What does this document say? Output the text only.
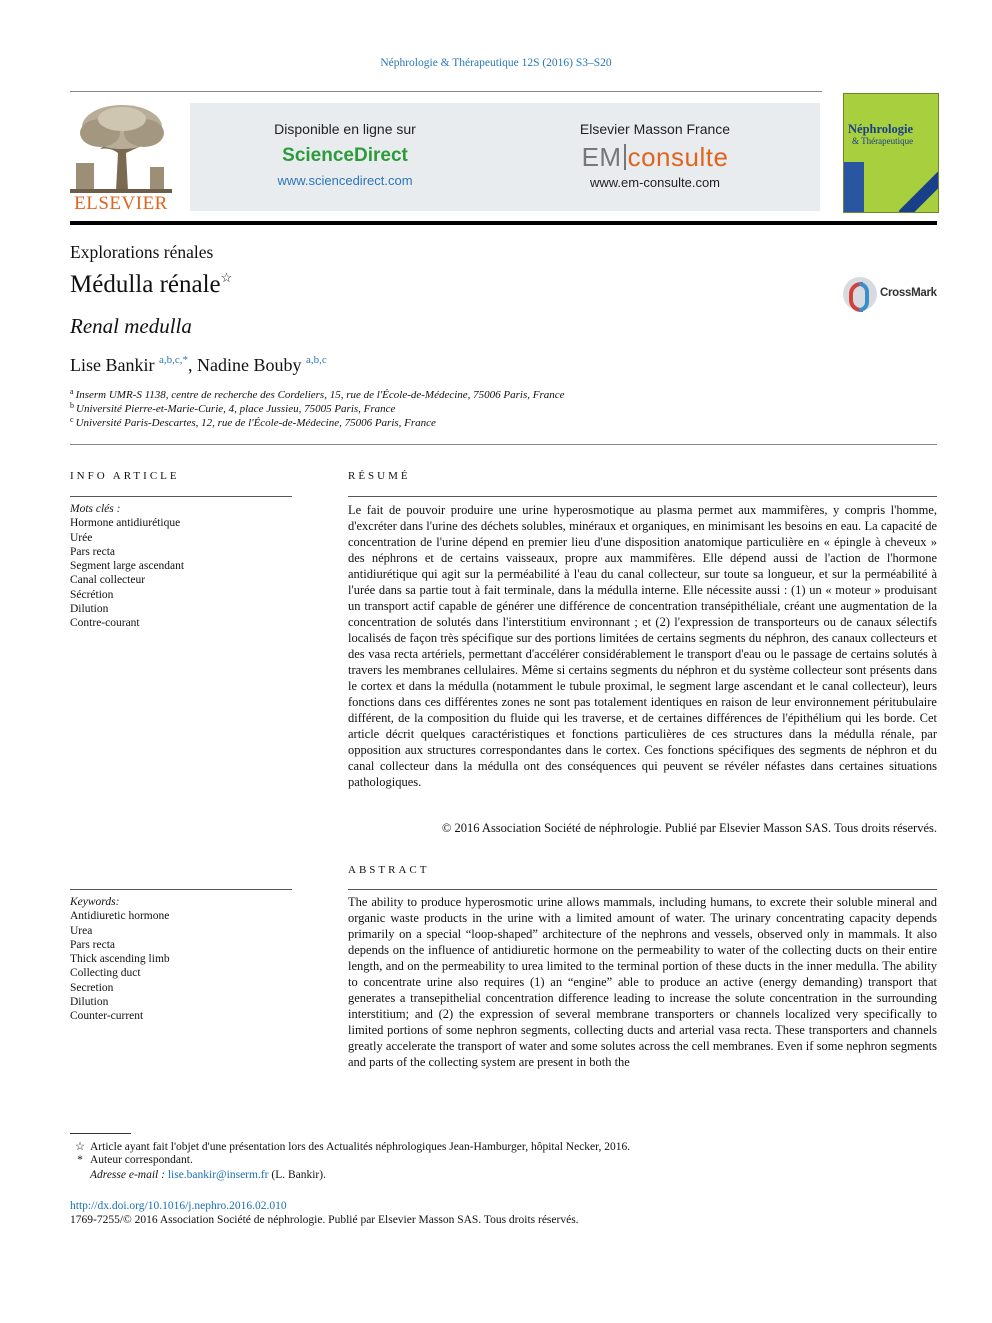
Néphrologie & Thérapeutique 12S (2016) S3–S20
ELSEVIER
Disponible en ligne sur
ScienceDirect
www.sciencedirect.com
Elsevier Masson France
EM consulte
www.em-consulte.com
Néphrologie
& Thérapeutique
Explorations rénales
Médulla rénale☆
CrossMark
Renal medulla
Lise Bankir $^{a,b,c,*}$, Nadine Bouby $^{a,b,c}$
$^a$ Inserm UMR-S 1138, centre de recherche des Cordeliers, 15, rue de l'École-de-Médecine, 75006 Paris, France
$^b$ Université Pierre-et-Marie-Curie, 4, place Jussieu, 75005 Paris, France
$^c$ Université Paris-Descartes, 12, rue de l'École-de-Médecine, 75006 Paris, France
INFO ARTICLE
Mots clés :
Hormone antidiurétique
Urée
Pars recta
Segment large ascendant
Canal collecteur
Sécrétion
Dilution
Contre-courant
Keywords:
Antidiuretic hormone
Urea
Pars recta
Thick ascending limb
Collecting duct
Secretion
Dilution
Counter-current
RÉSUMÉ
Le fait de pouvoir produire une urine hyperosmotique au plasma permet aux mammifères, y compris l'homme, d'excréter dans l'urine des déchets solubles, minéraux et organiques, en minimisant les besoins en eau. La capacité de concentration de l'urine dépend en premier lieu d'une disposition anatomique particulière en « épingle à cheveux » des néphrons et de certains vaisseaux, propre aux mammifères. Elle dépend aussi de l'action de l'hormone antidiurétique qui agit sur la perméabilité à l'eau du canal collecteur, sur toute sa longueur, et sur la perméabilité à l'urée dans sa partie tout à fait terminale, dans la médulla interne. Elle nécessite aussi : (1) un « moteur » produisant un transport actif capable de générer une différence de concentration transépithéliale, créant une augmentation de la concentration de solutés dans l'interstitium environnant ; et (2) l'expression de transporteurs ou de canaux sélectifs localisés de façon très spécifique sur des portions limitées de certains segments du néphron, des canaux collecteurs et des vasa recta artériels, permettant d'accélérer considérablement le transport d'eau ou le passage de certains solutés à travers les membranes cellulaires. Même si certains segments du néphron et du système collecteur sont présents dans le cortex et dans la médulla (notamment le tubule proximal, le segment large ascendant et le canal collecteur), leurs fonctions dans ces différentes zones ne sont pas totalement identiques en raison de leur environnement péritubulaire différent, de la composition du fluide qui les traverse, et de certaines différences de l'épithélium qui les borde. Cet article décrit quelques caractéristiques et fonctions particulières de ces structures dans la médulla rénale, par opposition aux structures correspondantes dans le cortex. Ces fonctions spécifiques des segments de néphron et du canal collecteur dans la médulla ont des conséquences qui peuvent se révéler néfastes dans certaines situations pathologiques.
© 2016 Association Société de néphrologie. Publié par Elsevier Masson SAS. Tous droits réservés.
ABSTRACT
The ability to produce hyperosmotic urine allows mammals, including humans, to excrete their soluble mineral and organic waste products in the urine with a limited amount of water. The urinary concentrating capacity depends primarily on a special “loop-shaped” architecture of the nephrons and vessels, observed only in mammals. It also depends on the influence of antidiuretic hormone on the permeability to water of the collecting ducts on their entire length, and on the permeability to urea limited to the terminal portion of these ducts in the inner medulla. The ability to concentrate urine also requires (1) an “engine” able to produce an active (energy demanding) transport that generates a transepithelial concentration difference leading to increase the solute concentration in the surrounding interstitium; and (2) the expression of several membrane transporters or channels localized very specifically to limited portions of some nephron segments, collecting ducts and arterial vasa recta. These transporters and channels greatly accelerate the transport of water and some solutes across the cell membranes. Even if some nephron segments and parts of the collecting system are present in both the
☆ Article ayant fait l'objet d'une présentation lors des Actualités néphrologiques Jean-Hamburger, hôpital Necker, 2016.
* Auteur correspondant.
Adresse e-mail : lise.bankir@inserm.fr (L. Bankir).
http://dx.doi.org/10.1016/j.nephro.2016.02.010
1769-7255/© 2016 Association Société de néphrologie. Publié par Elsevier Masson SAS. Tous droits réservés.
